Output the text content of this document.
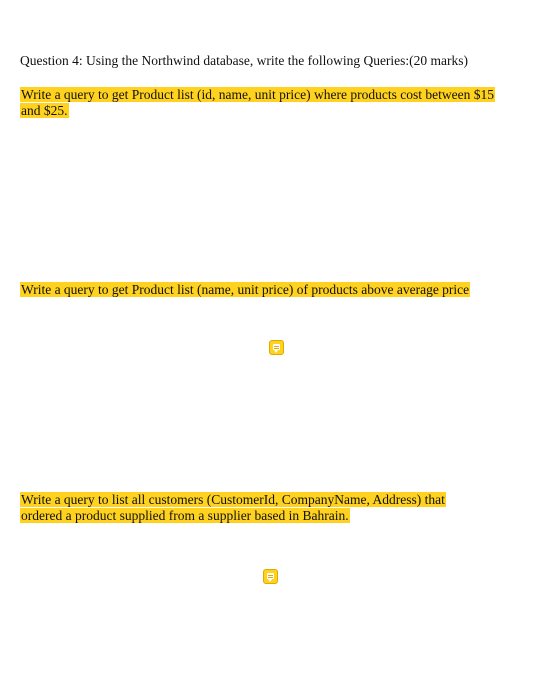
Question 4: Using the Northwind database, write the following Queries:(20 marks)
Write a query to get Product list (id, name, unit price) where products cost between $15 and $25.
Write a query to get Product list (name, unit price) of products above average price
Write a query to list all customers (CustomerId, CompanyName, Address) that ordered a product supplied from a supplier based in Bahrain.
